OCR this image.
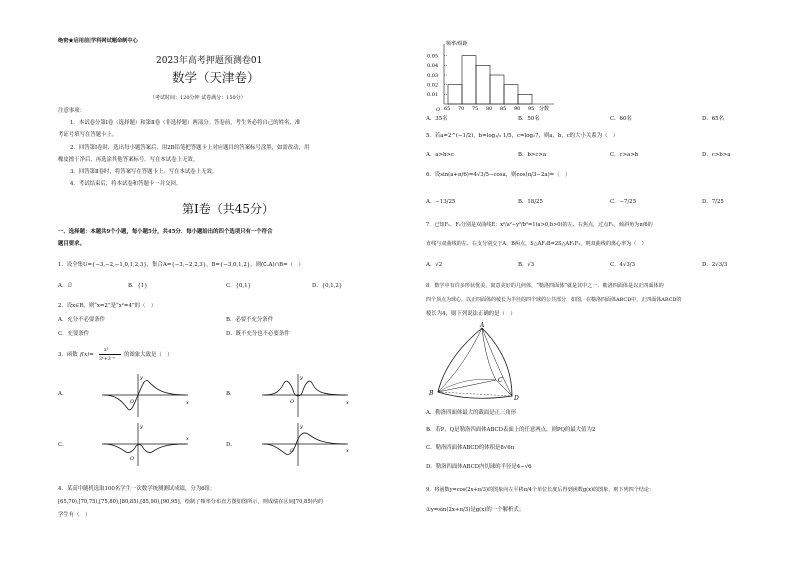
绝密★启用前|学科网试题命制中心
2023年高考押题预测卷01
数学（天津卷）
（考试时间：120分钟 试卷满分：150分）
注意事项：
1．本试卷分第Ⅰ卷（选择题）和第Ⅱ卷（非选择题）两部分。答卷前，考生务必将自己的姓名、准
考证号填写在答题卡上。
2．回答第Ⅰ卷时，选出每小题答案后，用2B铅笔把答题卡上对应题目的答案标号涂黑，如需改动，用
橡皮擦干净后，再选涂其他答案标号。写在本试卷上无效。
3．回答第Ⅱ卷时，将答案写在答题卡上。写在本试卷上无效。
4．考试结束后，将本试卷和答题卡一并交回。
第Ⅰ卷（共45分）
一、选择题：本题共9个小题，每小题5分，共45分．每小题给出的四个选项只有一个符合
题目要求。
1．设全集U={−3,−2,−1,0,1,2,3}，集合A={−3,−2,2,3}，B={−3,0,1,2}，则(∁ᵤA)∩B=（　）
A．∅	B．{1}	C．{0,1}	D．{0,1,2}
2．设x∈R，则“x=2”是“x²=4”的（　）
A．充分不必要条件	B．必要不充分条件
C．充要条件	D．既不充分也不必要条件
3．函数 f(x)=
x²
3ˣ+3⁻ˣ
的图象大致是（　）
A．
y
x
O
B．
y
x
O
C．
y
x
O
D．
y
x
O
4．某高中随机选取100名学生一次数学统测测试成绩，分为6组：
[65,70),[70,75),[75,80),[80,85),[85,90),[90,95]，绘制了频率分布直方图如图所示，则成绩在区间[70,85)内的
学生有（　）
频率/组距
分数
O
0.05
0.04
0.03
0.02
0.01
65 70 75 80 85 90 95
A．35名	B．50名	C．60名	D．65名
5．若a=2^(−1/2)，b=log₁/₂ 1/5，c=log₂7，则a，b，c的大小关系为（　）
A．a>b>c	B．b>c>a	C．c>a>b	D．c>b>a
6．设sin(a+π/6)=4√3/5−cosa，则cos(π/3−2a)=（　）
A．−13/25	B．18/25	C．−7/25	D．7/25
7．已知F₁，F₂分别是双曲线E：x²/a²−y²/b²=1(a>0,b>0)的左、右焦点，过点F₁，倾斜角为π/6的
直线与双曲线的左、右支分别交于A，B两点，S△AF₂B=2S△AF₁F₂，则双曲线的离心率为（　）
A．√2	B．√3	C．4√3/3	D．2√3/3
8．数学中有许多形状优美，寓意美好的几何体，“勒洛四面体”就是其中之一．勒洛四面体是以正四面体的
四个顶点为球心，以正四面体的棱长为半径的四个球的公共部分．如图，在勒洛四面体ABCD中，正四面体ABCD的
棱长为4，则下列说法正确的是（　）
A
B
C
D
A．勒洛四面体最大的截面是正三角形
B．若P，Q是勒洛四面体ABCD表面上的任意两点，则PQ的最大值为2
C．勒洛四面体ABCD的体积是8√6π
D．勒洛四面体ABCD内切球的半径是4−√6
9．将函数y=cos(2x+π/3)的图象向左平移π/4个单位长度后得到函数g(x)的图象，则下列四个结论：
①y=sin(2x+π/3)是g(x)的一个解析式；
